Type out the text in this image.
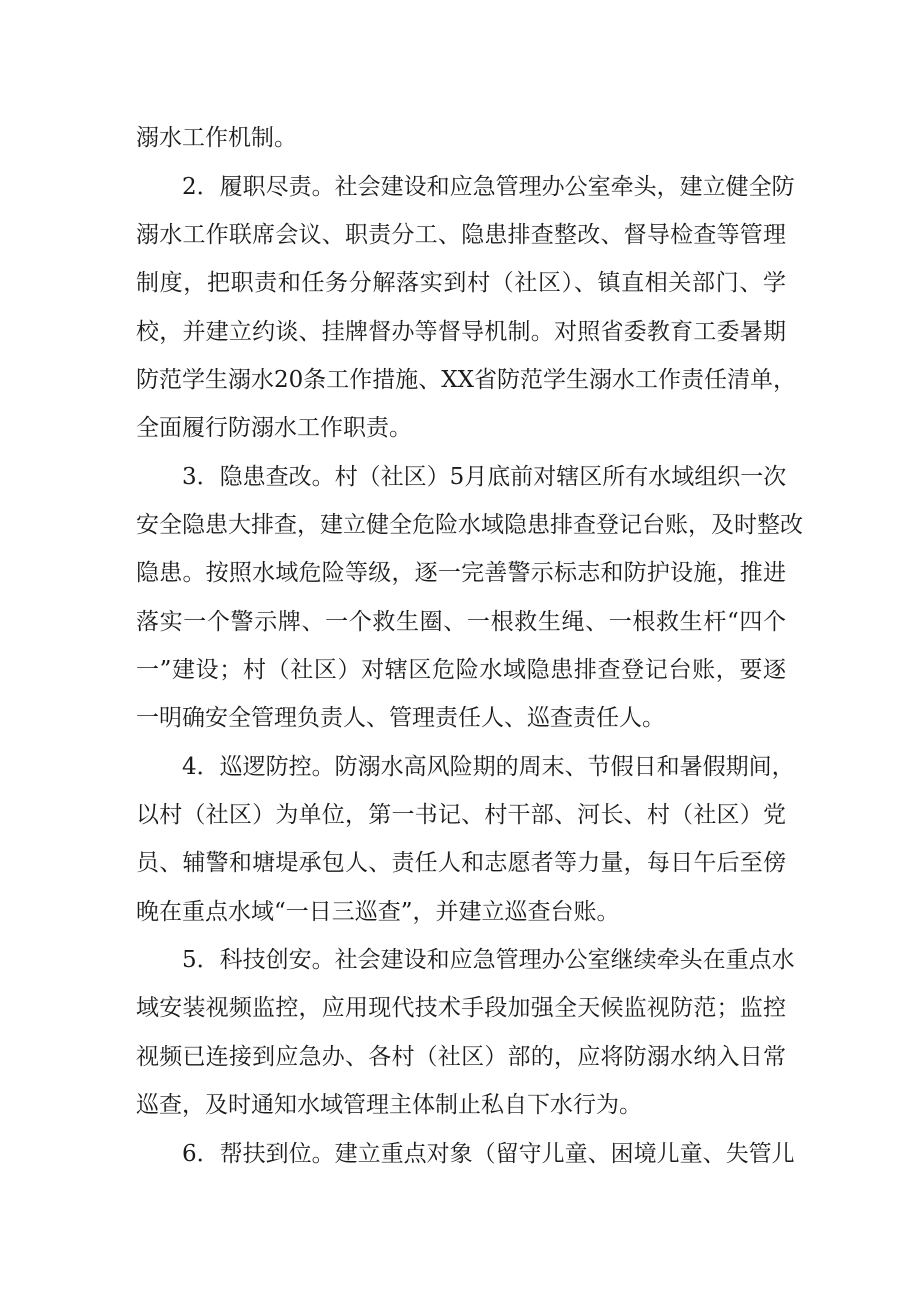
溺水工作机制。
2．履职尽责。社会建设和应急管理办公室牵头，建立健全防
溺水工作联席会议、职责分工、隐患排查整改、督导检查等管理
制度，把职责和任务分解落实到村（社区）、镇直相关部门、学
校，并建立约谈、挂牌督办等督导机制。对照省委教育工委暑期
防范学生溺水20条工作措施、XX省防范学生溺水工作责任清单，
全面履行防溺水工作职责。
3．隐患查改。村（社区）5月底前对辖区所有水域组织一次
安全隐患大排查，建立健全危险水域隐患排查登记台账，及时整改
隐患。按照水域危险等级，逐一完善警示标志和防护设施，推进
落实一个警示牌、一个救生圈、一根救生绳、一根救生杆“四个
一”建设；村（社区）对辖区危险水域隐患排查登记台账，要逐
一明确安全管理负责人、管理责任人、巡查责任人。
4．巡逻防控。防溺水高风险期的周末、节假日和暑假期间，
以村（社区）为单位，第一书记、村干部、河长、村（社区）党
员、辅警和塘堤承包人、责任人和志愿者等力量，每日午后至傍
晚在重点水域“一日三巡查”，并建立巡查台账。
5．科技创安。社会建设和应急管理办公室继续牵头在重点水
域安装视频监控，应用现代技术手段加强全天候监视防范；监控
视频已连接到应急办、各村（社区）部的，应将防溺水纳入日常
巡查，及时通知水域管理主体制止私自下水行为。
6．帮扶到位。建立重点对象（留守儿童、困境儿童、失管儿
